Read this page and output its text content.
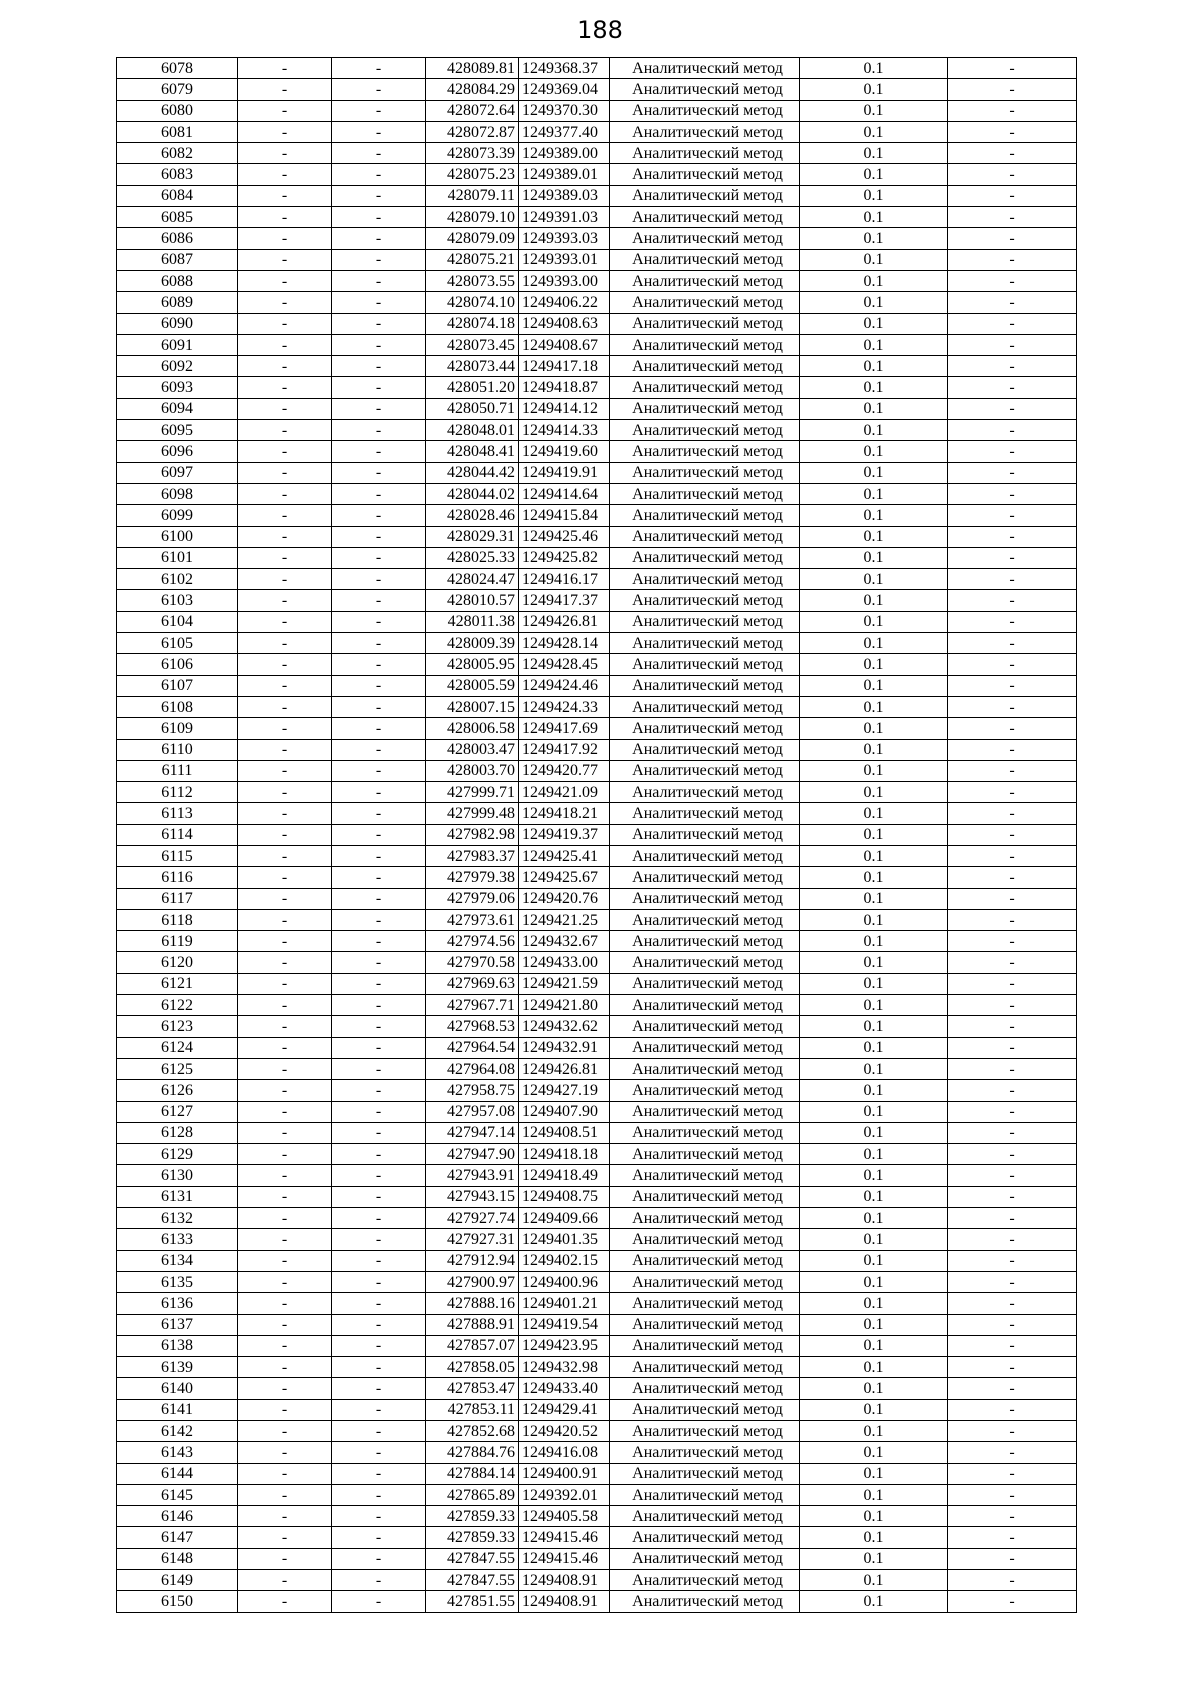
188
6078	-	-	428089.81	1249368.37	Аналитический метод	0.1	-
6079	-	-	428084.29	1249369.04	Аналитический метод	0.1	-
6080	-	-	428072.64	1249370.30	Аналитический метод	0.1	-
6081	-	-	428072.87	1249377.40	Аналитический метод	0.1	-
6082	-	-	428073.39	1249389.00	Аналитический метод	0.1	-
6083	-	-	428075.23	1249389.01	Аналитический метод	0.1	-
6084	-	-	428079.11	1249389.03	Аналитический метод	0.1	-
6085	-	-	428079.10	1249391.03	Аналитический метод	0.1	-
6086	-	-	428079.09	1249393.03	Аналитический метод	0.1	-
6087	-	-	428075.21	1249393.01	Аналитический метод	0.1	-
6088	-	-	428073.55	1249393.00	Аналитический метод	0.1	-
6089	-	-	428074.10	1249406.22	Аналитический метод	0.1	-
6090	-	-	428074.18	1249408.63	Аналитический метод	0.1	-
6091	-	-	428073.45	1249408.67	Аналитический метод	0.1	-
6092	-	-	428073.44	1249417.18	Аналитический метод	0.1	-
6093	-	-	428051.20	1249418.87	Аналитический метод	0.1	-
6094	-	-	428050.71	1249414.12	Аналитический метод	0.1	-
6095	-	-	428048.01	1249414.33	Аналитический метод	0.1	-
6096	-	-	428048.41	1249419.60	Аналитический метод	0.1	-
6097	-	-	428044.42	1249419.91	Аналитический метод	0.1	-
6098	-	-	428044.02	1249414.64	Аналитический метод	0.1	-
6099	-	-	428028.46	1249415.84	Аналитический метод	0.1	-
6100	-	-	428029.31	1249425.46	Аналитический метод	0.1	-
6101	-	-	428025.33	1249425.82	Аналитический метод	0.1	-
6102	-	-	428024.47	1249416.17	Аналитический метод	0.1	-
6103	-	-	428010.57	1249417.37	Аналитический метод	0.1	-
6104	-	-	428011.38	1249426.81	Аналитический метод	0.1	-
6105	-	-	428009.39	1249428.14	Аналитический метод	0.1	-
6106	-	-	428005.95	1249428.45	Аналитический метод	0.1	-
6107	-	-	428005.59	1249424.46	Аналитический метод	0.1	-
6108	-	-	428007.15	1249424.33	Аналитический метод	0.1	-
6109	-	-	428006.58	1249417.69	Аналитический метод	0.1	-
6110	-	-	428003.47	1249417.92	Аналитический метод	0.1	-
6111	-	-	428003.70	1249420.77	Аналитический метод	0.1	-
6112	-	-	427999.71	1249421.09	Аналитический метод	0.1	-
6113	-	-	427999.48	1249418.21	Аналитический метод	0.1	-
6114	-	-	427982.98	1249419.37	Аналитический метод	0.1	-
6115	-	-	427983.37	1249425.41	Аналитический метод	0.1	-
6116	-	-	427979.38	1249425.67	Аналитический метод	0.1	-
6117	-	-	427979.06	1249420.76	Аналитический метод	0.1	-
6118	-	-	427973.61	1249421.25	Аналитический метод	0.1	-
6119	-	-	427974.56	1249432.67	Аналитический метод	0.1	-
6120	-	-	427970.58	1249433.00	Аналитический метод	0.1	-
6121	-	-	427969.63	1249421.59	Аналитический метод	0.1	-
6122	-	-	427967.71	1249421.80	Аналитический метод	0.1	-
6123	-	-	427968.53	1249432.62	Аналитический метод	0.1	-
6124	-	-	427964.54	1249432.91	Аналитический метод	0.1	-
6125	-	-	427964.08	1249426.81	Аналитический метод	0.1	-
6126	-	-	427958.75	1249427.19	Аналитический метод	0.1	-
6127	-	-	427957.08	1249407.90	Аналитический метод	0.1	-
6128	-	-	427947.14	1249408.51	Аналитический метод	0.1	-
6129	-	-	427947.90	1249418.18	Аналитический метод	0.1	-
6130	-	-	427943.91	1249418.49	Аналитический метод	0.1	-
6131	-	-	427943.15	1249408.75	Аналитический метод	0.1	-
6132	-	-	427927.74	1249409.66	Аналитический метод	0.1	-
6133	-	-	427927.31	1249401.35	Аналитический метод	0.1	-
6134	-	-	427912.94	1249402.15	Аналитический метод	0.1	-
6135	-	-	427900.97	1249400.96	Аналитический метод	0.1	-
6136	-	-	427888.16	1249401.21	Аналитический метод	0.1	-
6137	-	-	427888.91	1249419.54	Аналитический метод	0.1	-
6138	-	-	427857.07	1249423.95	Аналитический метод	0.1	-
6139	-	-	427858.05	1249432.98	Аналитический метод	0.1	-
6140	-	-	427853.47	1249433.40	Аналитический метод	0.1	-
6141	-	-	427853.11	1249429.41	Аналитический метод	0.1	-
6142	-	-	427852.68	1249420.52	Аналитический метод	0.1	-
6143	-	-	427884.76	1249416.08	Аналитический метод	0.1	-
6144	-	-	427884.14	1249400.91	Аналитический метод	0.1	-
6145	-	-	427865.89	1249392.01	Аналитический метод	0.1	-
6146	-	-	427859.33	1249405.58	Аналитический метод	0.1	-
6147	-	-	427859.33	1249415.46	Аналитический метод	0.1	-
6148	-	-	427847.55	1249415.46	Аналитический метод	0.1	-
6149	-	-	427847.55	1249408.91	Аналитический метод	0.1	-
6150	-	-	427851.55	1249408.91	Аналитический метод	0.1	-
